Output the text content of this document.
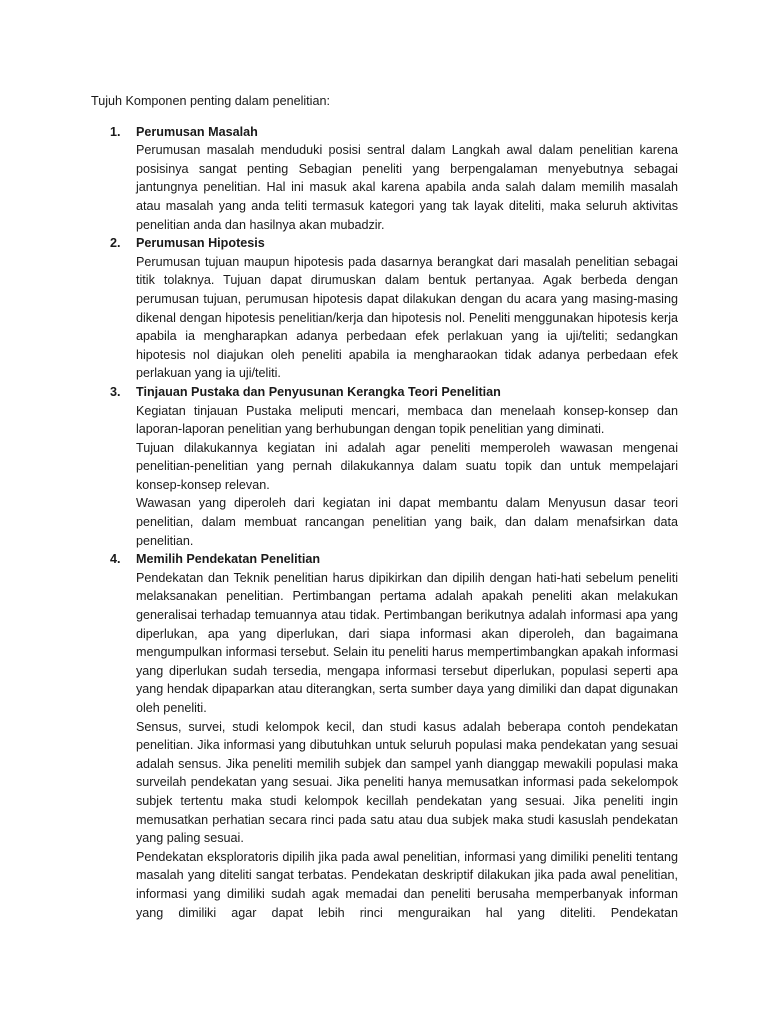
Tujuh Komponen penting dalam penelitian:
1. Perumusan Masalah

Perumusan masalah menduduki posisi sentral dalam Langkah awal dalam penelitian karena posisinya sangat penting Sebagian peneliti yang berpengalaman menyebutnya sebagai jantungnya penelitian. Hal ini masuk akal karena apabila anda salah dalam memilih masalah atau masalah yang anda teliti termasuk kategori yang tak layak diteliti, maka seluruh aktivitas penelitian anda dan hasilnya akan mubadzir.

2. Perumusan Hipotesis

Perumusan tujuan maupun hipotesis pada dasarnya berangkat dari masalah penelitian sebagai titik tolaknya. Tujuan dapat dirumuskan dalam bentuk pertanyaa. Agak berbeda dengan perumusan tujuan, perumusan hipotesis dapat dilakukan dengan du acara yang masing-masing dikenal dengan hipotesis penelitian/kerja dan hipotesis nol. Peneliti menggunakan hipotesis kerja apabila ia mengharapkan adanya perbedaan efek perlakuan yang ia uji/teliti; sedangkan hipotesis nol diajukan oleh peneliti apabila ia mengharaokan tidak adanya perbedaan efek perlakuan yang ia uji/teliti.

3. Tinjauan Pustaka dan Penyusunan Kerangka Teori Penelitian

Kegiatan tinjauan Pustaka meliputi mencari, membaca dan menelaah konsep-konsep dan laporan-laporan penelitian yang berhubungan dengan topik penelitian yang diminati.

Tujuan dilakukannya kegiatan ini adalah agar peneliti memperoleh wawasan mengenai penelitian-penelitian yang pernah dilakukannya dalam suatu topik dan untuk mempelajari konsep-konsep relevan.

Wawasan yang diperoleh dari kegiatan ini dapat membantu dalam Menyusun dasar teori penelitian, dalam membuat rancangan penelitian yang baik, dan dalam menafsirkan data penelitian.

4. Memilih Pendekatan Penelitian

Pendekatan dan Teknik penelitian harus dipikirkan dan dipilih dengan hati-hati sebelum peneliti melaksanakan penelitian. Pertimbangan pertama adalah apakah peneliti akan melakukan generalisai terhadap temuannya atau tidak. Pertimbangan berikutnya adalah informasi apa yang diperlukan, apa yang diperlukan, dari siapa informasi akan diperoleh, dan bagaimana mengumpulkan informasi tersebut. Selain itu peneliti harus mempertimbangkan apakah informasi yang diperlukan sudah tersedia, mengapa informasi tersebut diperlukan, populasi seperti apa yang hendak dipaparkan atau diterangkan, serta sumber daya yang dimiliki dan dapat digunakan oleh peneliti.

Sensus, survei, studi kelompok kecil, dan studi kasus adalah beberapa contoh pendekatan penelitian. Jika informasi yang dibutuhkan untuk seluruh populasi maka pendekatan yang sesuai adalah sensus. Jika peneliti memilih subjek dan sampel yanh dianggap mewakili populasi maka surveilah pendekatan yang sesuai. Jika peneliti hanya memusatkan informasi pada sekelompok subjek tertentu maka studi kelompok kecillah pendekatan yang sesuai. Jika peneliti ingin memusatkan perhatian secara rinci pada satu atau dua subjek maka studi kasuslah pendekatan yang paling sesuai.

Pendekatan eksploratoris dipilih jika pada awal penelitian, informasi yang dimiliki peneliti tentang masalah yang diteliti sangat terbatas. Pendekatan deskriptif dilakukan jika pada awal penelitian, informasi yang dimiliki sudah agak memadai dan peneliti berusaha memperbanyak informan yang dimiliki agar dapat lebih rinci menguraikan hal yang diteliti. Pendekatan
